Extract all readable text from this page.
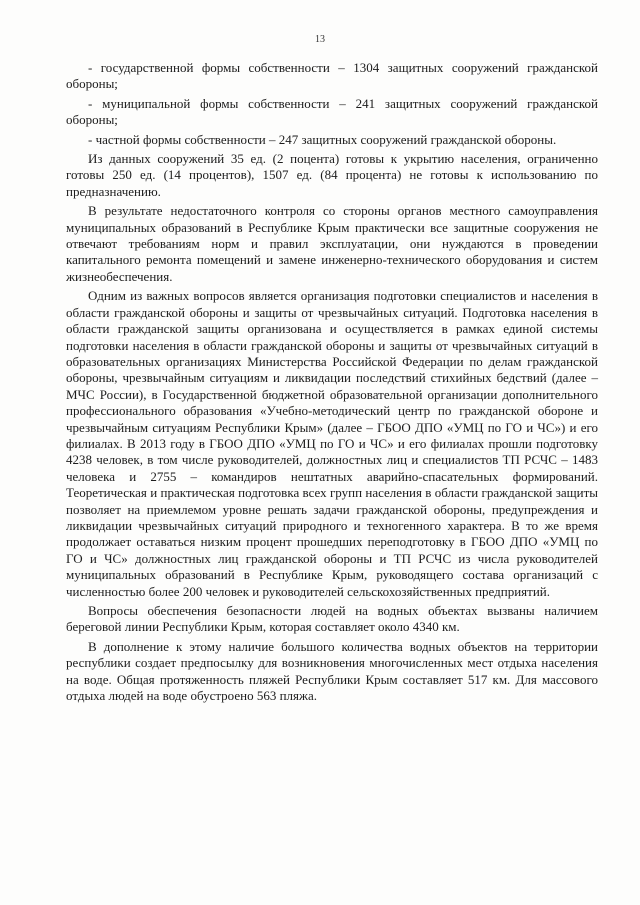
13

- государственной формы собственности – 1304 защитных сооружений гражданской обороны;

- муниципальной формы собственности – 241 защитных сооружений гражданской обороны;

- частной формы собственности – 247 защитных сооружений гражданской обороны.

Из данных сооружений 35 ед. (2 поцента) готовы к укрытию населения, ограниченно готовы 250 ед. (14 процентов), 1507 ед. (84 процента) не готовы к использованию по предназначению.

В результате недостаточного контроля со стороны органов местного самоуправления муниципальных образований в Республике Крым практически все защитные сооружения не отвечают требованиям норм и правил эксплуатации, они нуждаются в проведении капитального ремонта помещений и замене инженерно-технического оборудования и систем жизнеобеспечения.

Одним из важных вопросов является организация подготовки специалистов и населения в области гражданской обороны и защиты от чрезвычайных ситуаций. Подготовка населения в области гражданской защиты организована и осуществляется в рамках единой системы подготовки населения в области гражданской обороны и защиты от чрезвычайных ситуаций в образовательных организациях Министерства Российской Федерации по делам гражданской обороны, чрезвычайным ситуациям и ликвидации последствий стихийных бедствий (далее – МЧС России), в Государственной бюджетной образовательной организации дополнительного профессионального образования «Учебно-методический центр по гражданской обороне и чрезвычайным ситуациям Республики Крым» (далее – ГБОО ДПО «УМЦ по ГО и ЧС») и его филиалах. В 2013 году в ГБОО ДПО «УМЦ по ГО и ЧС» и его филиалах прошли подготовку 4238 человек, в том числе руководителей, должностных лиц и специалистов ТП РСЧС – 1483 человека и 2755 – командиров нештатных аварийно-спасательных формирований. Теоретическая и практическая подготовка всех групп населения в области гражданской защиты позволяет на приемлемом уровне решать задачи гражданской обороны, предупреждения и ликвидации чрезвычайных ситуаций природного и техногенного характера. В то же время продолжает оставаться низким процент прошедших переподготовку в ГБОО ДПО «УМЦ по ГО и ЧС» должностных лиц гражданской обороны и ТП РСЧС из числа руководителей муниципальных образований в Республике Крым, руководящего состава организаций с численностью более 200 человек и руководителей сельскохозяйственных предприятий.

Вопросы обеспечения безопасности людей на водных объектах вызваны наличием береговой линии Республики Крым, которая составляет около 4340 км.

В дополнение к этому наличие большого количества водных объектов на территории республики создает предпосылку для возникновения многочисленных мест отдыха населения на воде. Общая протяженность пляжей Республики Крым составляет 517 км. Для массового отдыха людей на воде обустроено 563 пляжа.
